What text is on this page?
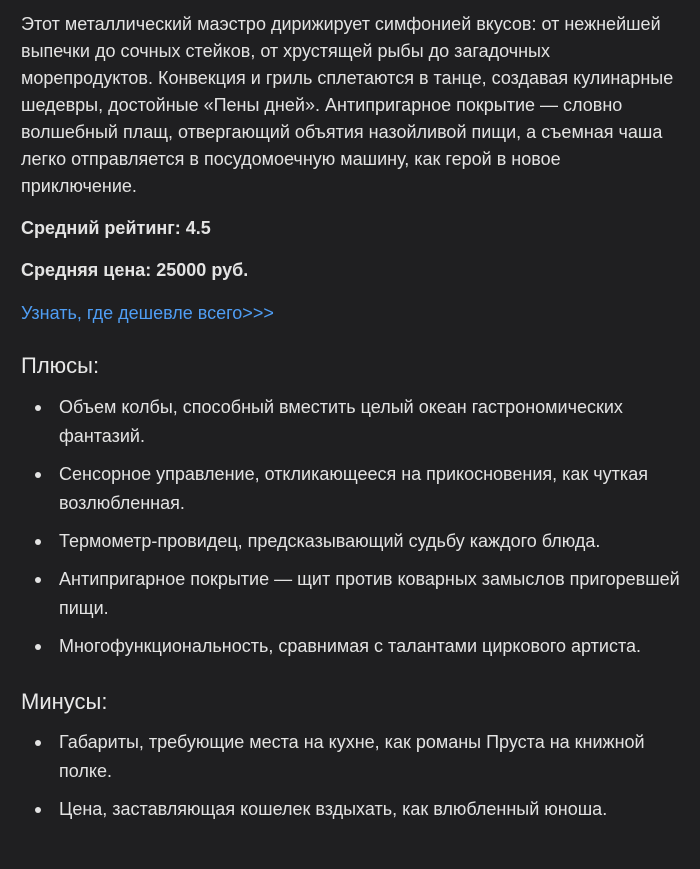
Этот металлический маэстро дирижирует симфонией вкусов: от нежнейшей выпечки до сочных стейков, от хрустящей рыбы до загадочных морепродуктов. Конвекция и гриль сплетаются в танце, создавая кулинарные шедевры, достойные «Пены дней». Антипригарное покрытие — словно волшебный плащ, отвергающий объятия назойливой пищи, а съемная чаша легко отправляется в посудомоечную машину, как герой в новое приключение.

Средний рейтинг: 4.5

Средняя цена: 25000 руб.

Узнать, где дешевле всего>>>
Плюсы:
Объем колбы, способный вместить целый океан гастрономических фантазий.
Сенсорное управление, откликающееся на прикосновения, как чуткая возлюбленная.
Термометр-провидец, предсказывающий судьбу каждого блюда.
Антипригарное покрытие — щит против коварных замыслов пригоревшей пищи.
Многофункциональность, сравнимая с талантами циркового артиста.
Минусы:
Габариты, требующие места на кухне, как романы Пруста на книжной полке.
Цена, заставляющая кошелек вздыхать, как влюбленный юноша.
